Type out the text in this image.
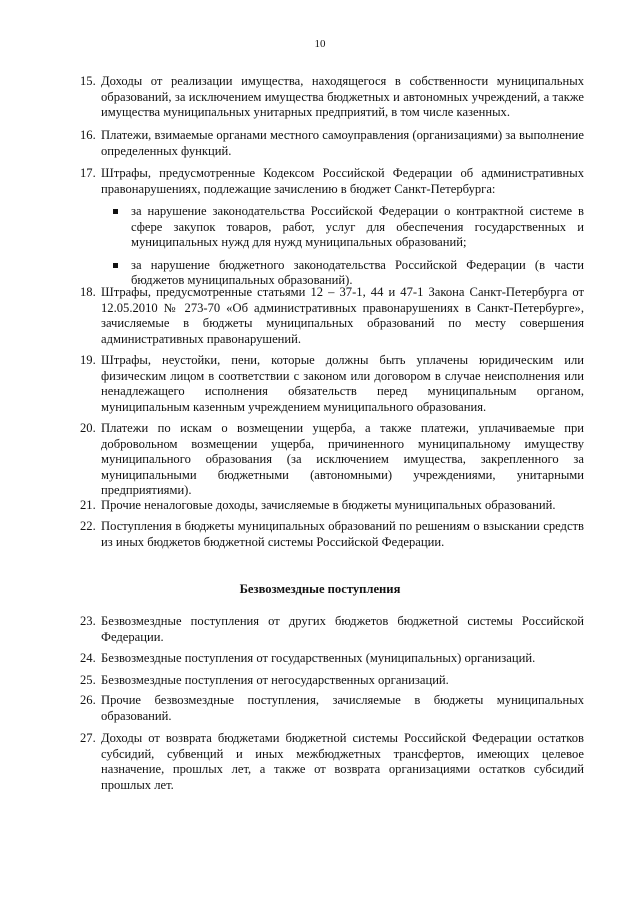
10
15. Доходы от реализации имущества, находящегося в собственности муниципальных образований, за исключением имущества бюджетных и автономных учреждений, а также имущества муниципальных унитарных предприятий, в том числе казенных.
16. Платежи, взимаемые органами местного самоуправления (организациями) за выполнение определенных функций.
17. Штрафы, предусмотренные Кодексом Российской Федерации об административных правонарушениях, подлежащие зачислению в бюджет Санкт-Петербурга:
за нарушение законодательства Российской Федерации о контрактной системе в сфере закупок товаров, работ, услуг для обеспечения государственных и муниципальных нужд для нужд муниципальных образований;
за нарушение бюджетного законодательства Российской Федерации (в части бюджетов муниципальных образований).
18. Штрафы, предусмотренные статьями 12 – 37-1, 44 и 47-1 Закона Санкт-Петербурга от 12.05.2010 № 273-70 «Об административных правонарушениях в Санкт-Петербурге», зачисляемые в бюджеты муниципальных образований по месту совершения административных правонарушений.
19. Штрафы, неустойки, пени, которые должны быть уплачены юридическим или физическим лицом в соответствии с законом или договором в случае неисполнения или ненадлежащего исполнения обязательств перед муниципальным органом, муниципальным казенным учреждением муниципального образования.
20. Платежи по искам о возмещении ущерба, а также платежи, уплачиваемые при добровольном возмещении ущерба, причиненного муниципальному имуществу муниципального образования (за исключением имущества, закрепленного за муниципальными бюджетными (автономными) учреждениями, унитарными предприятиями).
21. Прочие неналоговые доходы, зачисляемые в бюджеты муниципальных образований.
22. Поступления в бюджеты муниципальных образований по решениям о взыскании средств из иных бюджетов бюджетной системы Российской Федерации.
Безвозмездные поступления
23. Безвозмездные поступления от других бюджетов бюджетной системы Российской Федерации.
24. Безвозмездные поступления от государственных (муниципальных) организаций.
25. Безвозмездные поступления от негосударственных организаций.
26. Прочие безвозмездные поступления, зачисляемые в бюджеты муниципальных образований.
27. Доходы от возврата бюджетами бюджетной системы Российской Федерации остатков субсидий, субвенций и иных межбюджетных трансфертов, имеющих целевое назначение, прошлых лет, а также от возврата организациями остатков субсидий прошлых лет.
